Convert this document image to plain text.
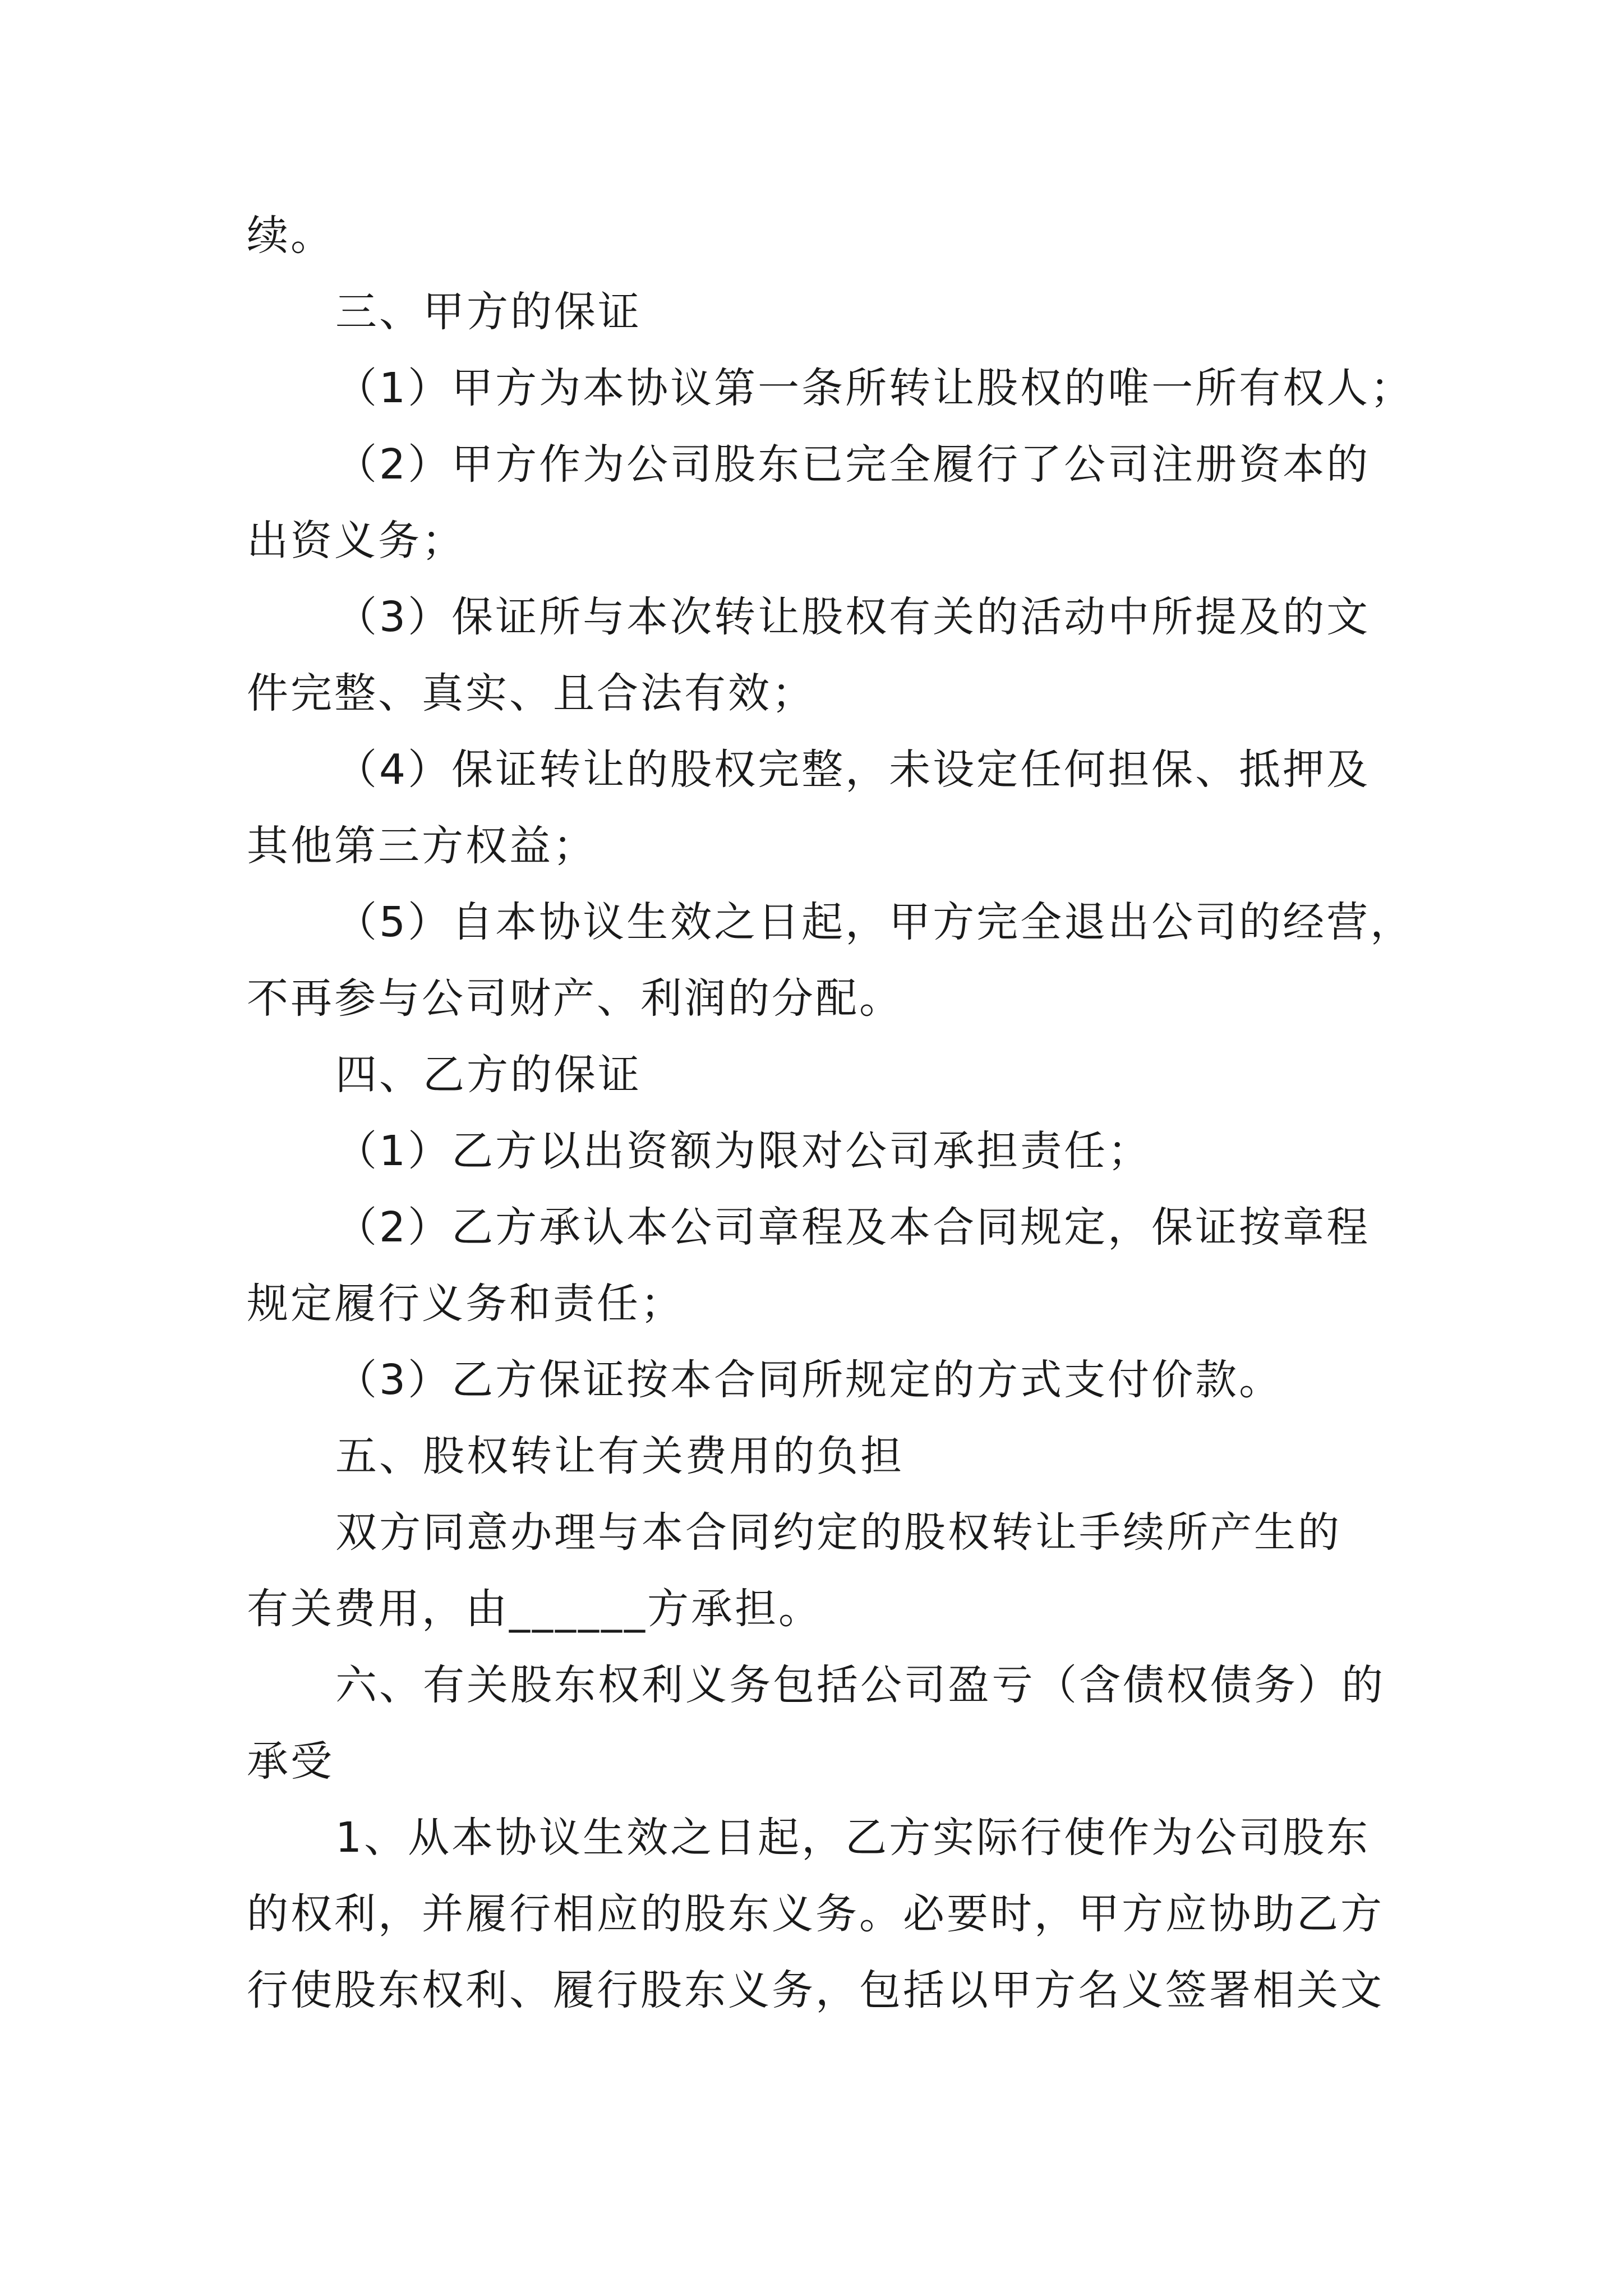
续。
三、甲方的保证
（1）甲方为本协议第一条所转让股权的唯一所有权人；
（2）甲方作为公司股东已完全履行了公司注册资本的
出资义务；
（3）保证所与本次转让股权有关的活动中所提及的文
件完整、真实、且合法有效；
（4）保证转让的股权完整，未设定任何担保、抵押及
其他第三方权益；
（5）自本协议生效之日起，甲方完全退出公司的经营，
不再参与公司财产、利润的分配。
四、乙方的保证
（1）乙方以出资额为限对公司承担责任；
（2）乙方承认本公司章程及本合同规定，保证按章程
规定履行义务和责任；
（3）乙方保证按本合同所规定的方式支付价款。
五、股权转让有关费用的负担
双方同意办理与本合同约定的股权转让手续所产生的
有关费用，由______方承担。
六、有关股东权利义务包括公司盈亏（含债权债务）的
承受
1、从本协议生效之日起，乙方实际行使作为公司股东
的权利，并履行相应的股东义务。必要时，甲方应协助乙方
行使股东权利、履行股东义务，包括以甲方名义签署相关文
